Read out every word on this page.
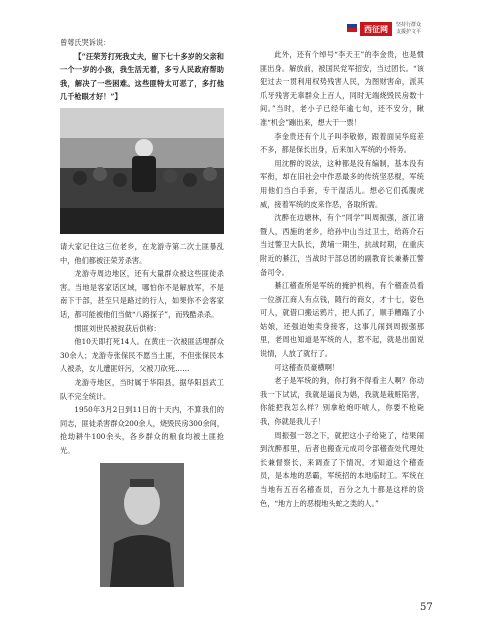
西征网	坚持行群众
支援护文平

曾萼氏哭诉说：

【“汪荣芳打死我丈夫，留下七十多岁的父亲和一个一岁的小孩，我生活无着，多亏人民政府帮助我，解决了一些困难。这些匪特太可恶了，多打他几千枪眼才好！”】

请大家记住这三位老乡，在龙游寺第二次土匪暴乱中，他们都被汪荣芳杀害。

龙游寺周边地区，还有大量群众被这些匪徒杀害。当地是客家话区域，哪怕你不是解放军，不是南下干部，甚至只是路过的行人，如果你不会客家话，都可能被他们当做“八路探子”，而残酷杀杀。

惯匪刘世民被捉获后供称：

他10天即打死14人。在黄庄一次被匪活埋群众30余人；龙游寺张保民不愿当土匪，不但张保民本人被杀，女儿遭匪奸污，父被刀砍死……

龙游寺地区，当时属于华阳县，据华阳县武工队不完全统计。

1950年3月2日到11日的十天内，不算我们的同志，匪徒杀害群众200余人，烧毁民房300余间，抢劫耕牛100余头，各乡群众的粮食均被土匪抢光。

此外，还有个绰号“李天王”的李金贵，也是惯匪出身。解放前，被国民党军招安，当过团长。“该犯过去一贯利用权势残害人民，为图财害命，派其爪牙残害无辜群众上百人，同时无端烧毁民房数十间。”当时，老小子已经年逾七旬，还不安分，瞅准“机会”蹦出来，想大干一票！

李金贵还有个儿子叫李敬修，跟着面吴华庭差不多，都是保长出身，后来加入军统的小特务。

用沈醉的说法，这种都是没有编制，基本没有军衔，却在旧社会中作恶最多的传统坚恶棍，军统用他们当白手套，专干湿活儿。想必它们孤腹虎威，接着军统的皮来作恶，各取所需。

沈醉在边塘林，有个“同学”叫周振强，浙江诸暨人，西施的老乡，给孙中山当过卫士，给蒋介石当过警卫大队长，黄埔一期生，抗战时期，在重庆附近的綦江，当战时干部总团的副教育长兼綦江警备司令。

綦江稽查所是军统的掩护机构，有个稽查员看一位浙江商人有点钱，随行的商女，才十七，姿色可人，就借口搬运鸦片，把人抓了，顺手糟蹋了小姑娘，还强迫她卖身接客，这事儿闹到周振强那里，老周也知道是军统的人，惹不起，就是出面说说情，人放了就行了。

可这稽查员豪横啊！

老子是军统的狗，你打狗不得看主人啊？你动我一下试试，我就是逼良为娼，我就是栽赃陷害，你能把我怎么样？别拿枪炮吓唬人，你要不枪毙我，你就是我儿子！

周振强一怒之下，就把这小子给毙了，结果闹到沈醉那里，后者也搬查元成司令部稽查处代理处长兼督察长，来调查了下情况，才知道这个稽查员，是本地的恶霸，军统招的本地临时工。军统在当地有五百名稽查员，百分之九十都是这样的货色，“地方上的恶棍地头蛇之类的人。”

57
